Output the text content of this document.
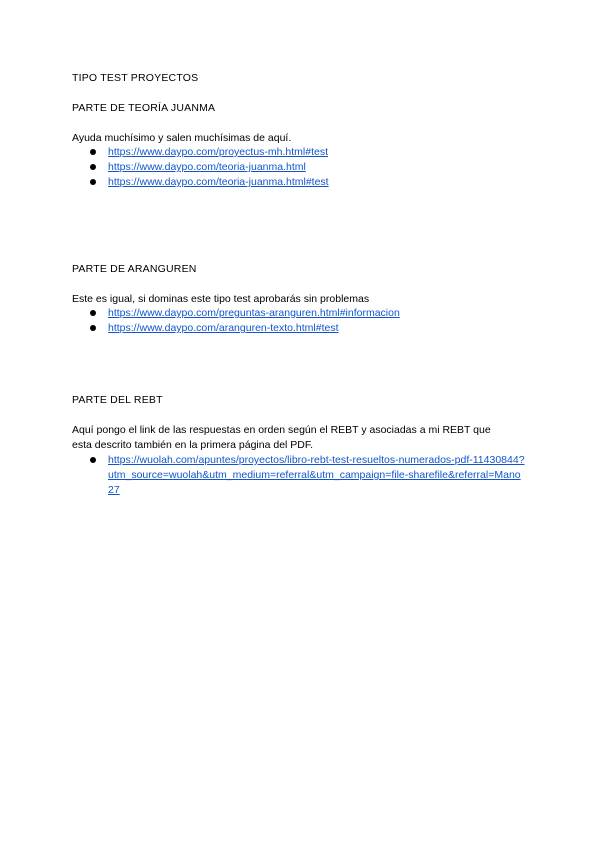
TIPO TEST PROYECTOS
PARTE DE TEORÍA JUANMA
Ayuda muchísimo y salen muchísimas de aquí.
https://www.daypo.com/proyectus-mh.html#test
https://www.daypo.com/teoria-juanma.html
https://www.daypo.com/teoria-juanma.html#test
PARTE DE ARANGUREN
Este es igual, si dominas este tipo test aprobarás sin problemas
https://www.daypo.com/preguntas-aranguren.html#informacion
https://www.daypo.com/aranguren-texto.html#test
PARTE DEL REBT
Aquí pongo el link de las respuestas en orden según el REBT y asociadas a mi REBT que
esta descrito también en la primera página del PDF.
https://wuolah.com/apuntes/proyectos/libro-rebt-test-resueltos-numerados-pdf-11430844?utm_source=wuolah&utm_medium=referral&utm_campaign=file-sharefile&referral=Mano27
